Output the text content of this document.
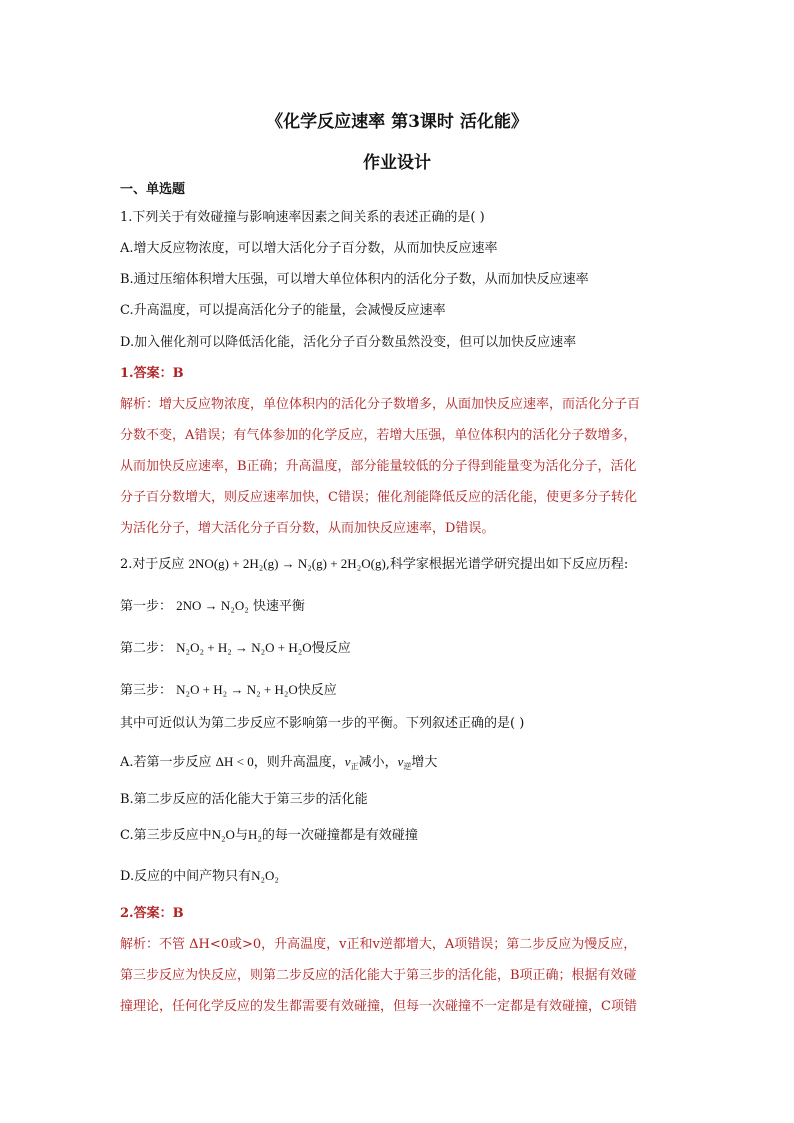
《化学反应速率 第3课时 活化能》
作业设计
一、单选题
1.下列关于有效碰撞与影响速率因素之间关系的表述正确的是( )
A.增大反应物浓度，可以增大活化分子百分数，从而加快反应速率
B.通过压缩体积增大压强，可以增大单位体积内的活化分子数，从而加快反应速率
C.升高温度，可以提高活化分子的能量，会减慢反应速率
D.加入催化剂可以降低活化能，活化分子百分数虽然没变，但可以加快反应速率
1.答案：B
解析：增大反应物浓度，单位体积内的活化分子数增多，从面加快反应速率，而活化分子百
分数不变，A错误；有气体参加的化学反应，若增大压强，单位体积内的活化分子数增多，
从而加快反应速率，B正确；升高温度，部分能量较低的分子得到能量变为活化分子，活化
分子百分数增大，则反应速率加快，C错误；催化剂能降低反应的活化能，使更多分子转化
为活化分子，增大活化分子百分数，从而加快反应速率，D错误。
2.对于反应 2NO(g) + 2H₂(g) → N₂(g) + 2H₂O(g),科学家根据光谱学研究提出如下反应历程:
第一步： 2NO → N₂O₂ 快速平衡
第二步： N₂O₂ + H₂ → N₂O + H₂O慢反应
第三步： N₂O + H₂ → N₂ + H₂O快反应
其中可近似认为第二步反应不影响第一步的平衡。下列叙述正确的是( )
A.若第一步反应 ΔH < 0，则升高温度，$v_正$减小，$v_逆$增大
B.第二步反应的活化能大于第三步的活化能
C.第三步反应中N₂O与H₂的每一次碰撞都是有效碰撞
D.反应的中间产物只有N₂O₂
2.答案：B
解析：不管 ΔH<0或>0，升高温度，v正和v逆都增大，A项错误；第二步反应为慢反应，
第三步反应为快反应，则第二步反应的活化能大于第三步的活化能，B项正确；根据有效碰
撞理论，任何化学反应的发生都需要有效碰撞，但每一次碰撞不一定都是有效碰撞，C项错
